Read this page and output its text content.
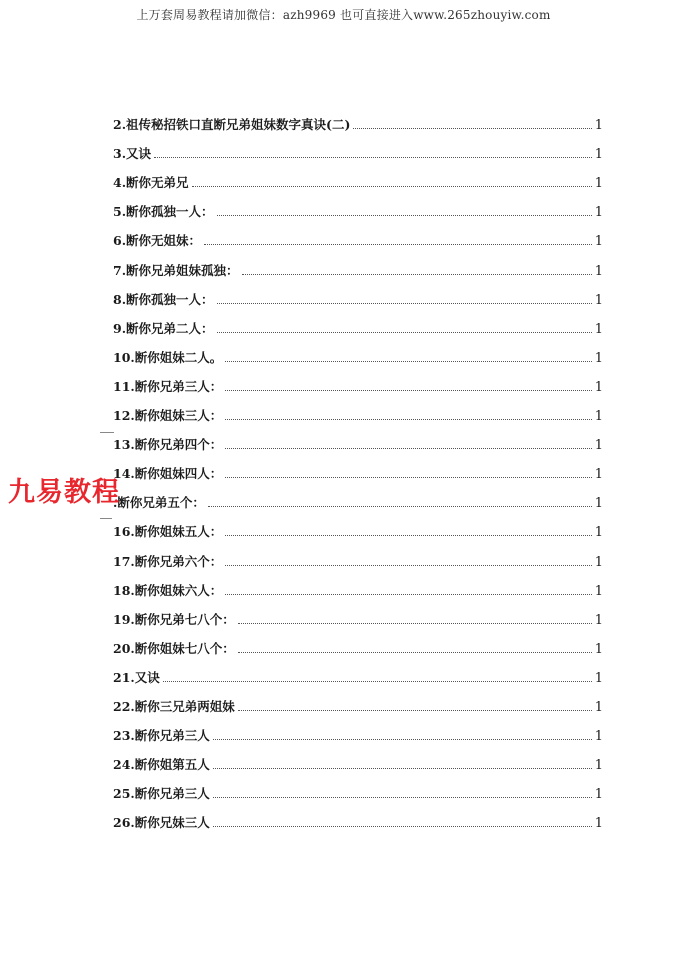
上万套周易教程请加微信：azh9969 也可直接进入www.265zhouyiw.com
2.祖传秘招铁口直断兄弟姐妹数字真诀(二)	1
3.又诀	1
4.断你无弟兄	1
5.断你孤独一人：	1
6.断你无姐妹：	1
7.断你兄弟姐妹孤独：	1
8.断你孤独一人：	1
9.断你兄弟二人：	1
10.断你姐妹二人。	1
11.断你兄弟三人：	1
12.断你姐妹三人：	1
13.断你兄弟四个：	1
14.断你姐妹四人：	1
.断你兄弟五个：	1
16.断你姐妹五人：	1
17.断你兄弟六个：	1
18.断你姐妹六人：	1
19.断你兄弟七八个：	1
20.断你姐妹七八个：	1
21.又诀	1
22.断你三兄弟两姐妹	1
23.断你兄弟三人	1
24.断你姐第五人	1
25.断你兄弟三人	1
26.断你兄妹三人	1
九易教程
